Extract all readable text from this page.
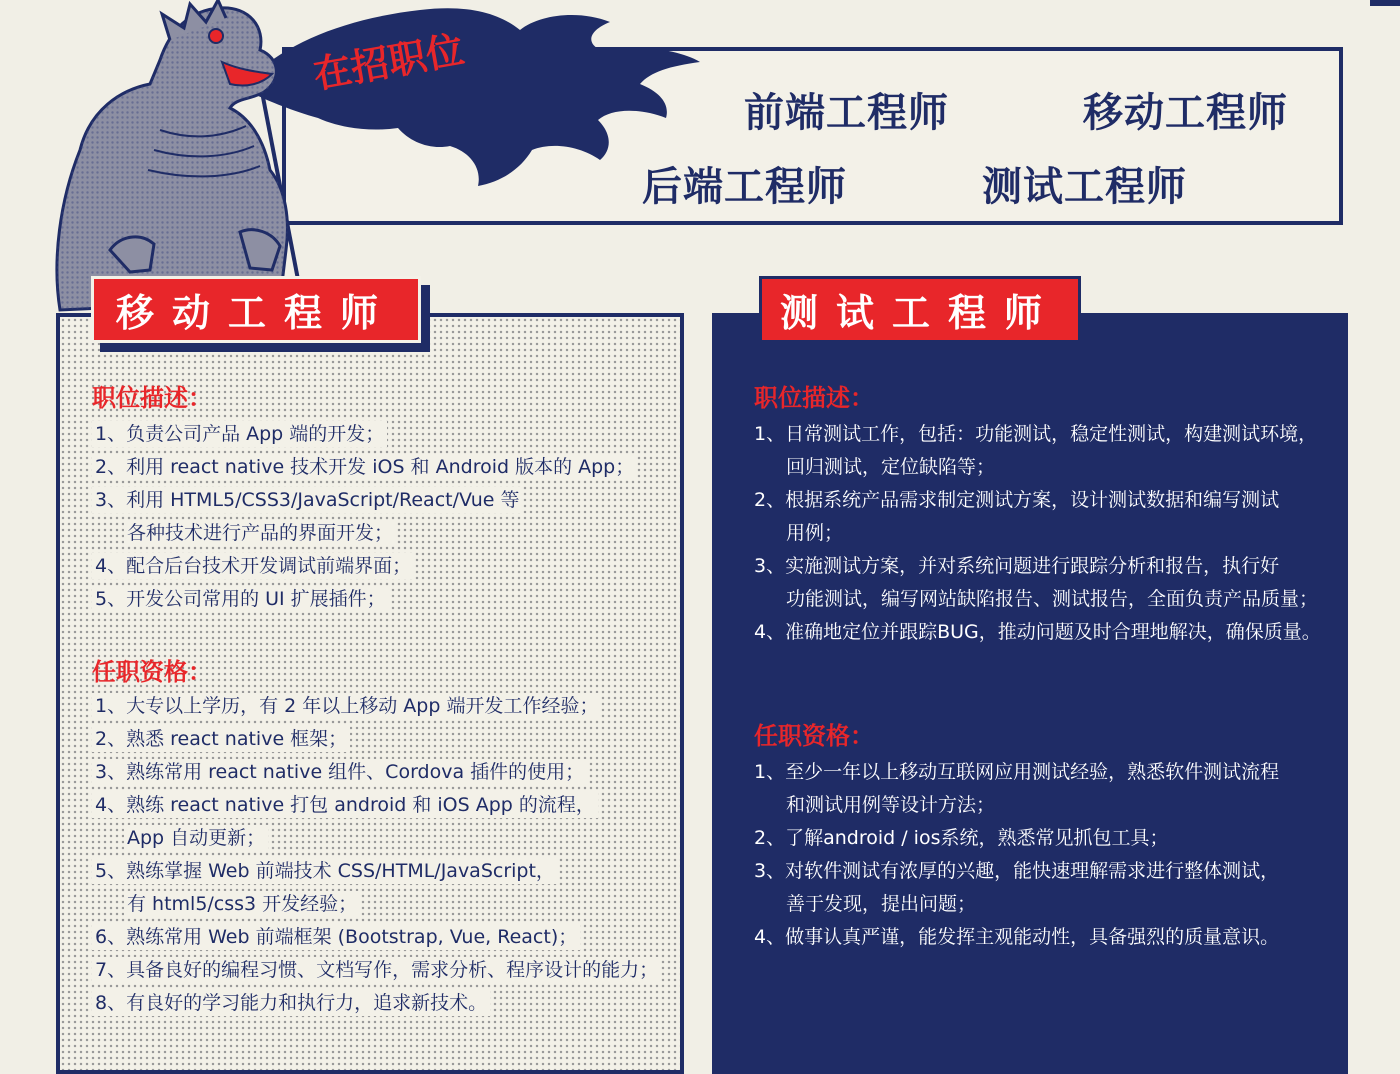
前端工程师	移动工程师
后端工程师	测试工程师
在招职位
移动工程师
职位描述：
1、负责公司产品 App 端的开发；
2、利用 react native 技术开发 iOS 和 Android 版本的 App；
3、利用 HTML5/CSS3/JavaScript/React/Vue 等
各种技术进行产品的界面开发；
4、配合后台技术开发调试前端界面；
5、开发公司常用的 UI 扩展插件；
任职资格：
1、大专以上学历，有 2 年以上移动 App 端开发工作经验；
2、熟悉 react native 框架；
3、熟练常用 react native 组件、Cordova 插件的使用；
4、熟练 react native 打包 android 和 iOS App 的流程，
App 自动更新；
5、熟练掌握 Web 前端技术 CSS/HTML/JavaScript，
有 html5/css3 开发经验；
6、熟练常用 Web 前端框架 (Bootstrap, Vue, React)；
7、具备良好的编程习惯、文档写作，需求分析、程序设计的能力；
8、有良好的学习能力和执行力，追求新技术。
测试工程师
职位描述：
1、日常测试工作，包括：功能测试，稳定性测试，构建测试环境，
回归测试，定位缺陷等；
2、根据系统产品需求制定测试方案，设计测试数据和编写测试
用例；
3、实施测试方案，并对系统问题进行跟踪分析和报告，执行好
功能测试，编写网站缺陷报告、测试报告，全面负责产品质量；
4、准确地定位并跟踪BUG，推动问题及时合理地解决，确保质量。
任职资格：
1、至少一年以上移动互联网应用测试经验，熟悉软件测试流程
和测试用例等设计方法；
2、了解android / ios系统，熟悉常见抓包工具；
3、对软件测试有浓厚的兴趣，能快速理解需求进行整体测试，
善于发现，提出问题；
4、做事认真严谨，能发挥主观能动性，具备强烈的质量意识。
